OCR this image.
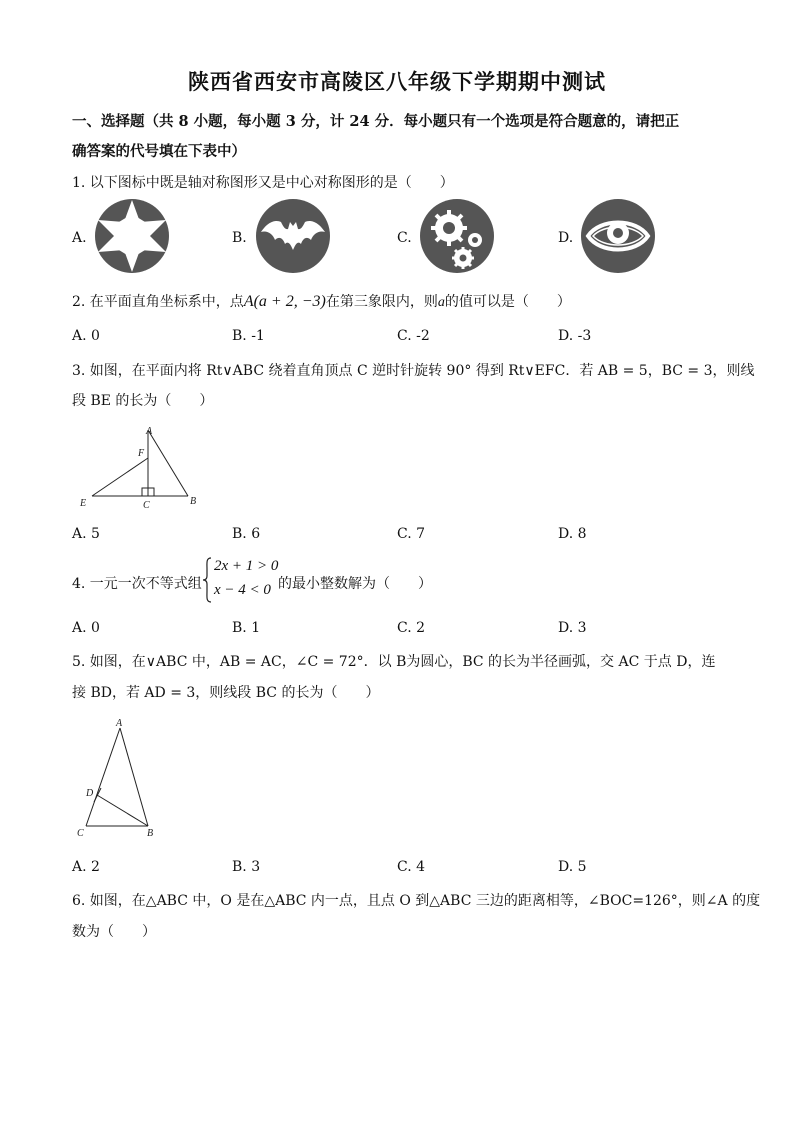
陕西省西安市高陵区八年级下学期期中测试
一、选择题（共 8 小题，每小题 3 分，计 24 分．每小题只有一个选项是符合题意的，请把正
确答案的代号填在下表中）
1. 以下图标中既是轴对称图形又是中心对称图形的是（　　）
A.	B.	C.	D.
2. 在平面直角坐标系中，点A(a + 2, −3)在第三象限内，则a的值可以是（　　）
A. 0	B. -1	C. -2	D. -3
3. 如图，在平面内将 Rt∨ABC 绕着直角顶点 C 逆时针旋转 90° 得到 Rt∨EFC．若 AB = 5，BC = 3，则线
段 BE 的长为（　　）
A
F
E	C	B
A. 5	B. 6	C. 7	D. 8
4. 一元一次不等式组
2x + 1 > 0
x − 4 < 0 的最小整数解为（　　）
A. 0	B. 1	C. 2	D. 3
5. 如图，在∨ABC 中，AB = AC，∠C = 72°．以 B为圆心，BC 的长为半径画弧，交 AC 于点 D，连
接 BD，若 AD = 3，则线段 BC 的长为（　　）
A
D
C	B
A. 2	B. 3	C. 4	D. 5
6. 如图，在△ABC 中，O 是在△ABC 内一点，且点 O 到△ABC 三边的距离相等，∠BOC=126°，则∠A 的度
数为（　　）
